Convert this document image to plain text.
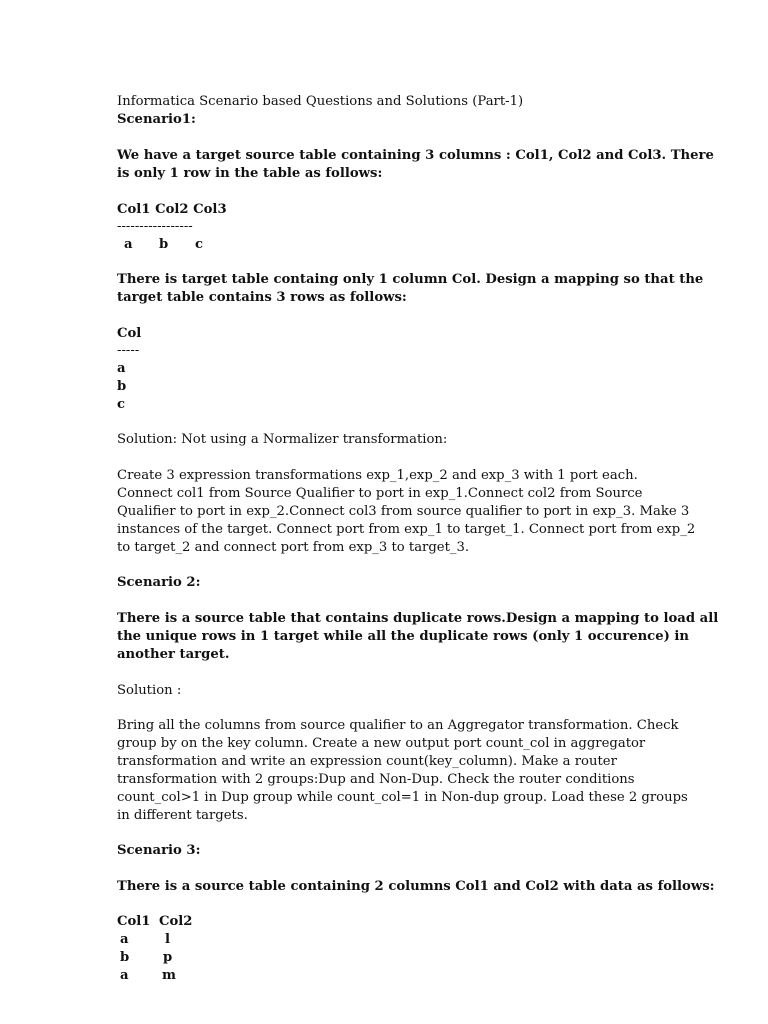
Informatica Scenario based Questions and Solutions (Part-1)
Scenario1:
We have a target source table containing 3 columns : Col1, Col2 and Col3. There
is only 1 row in the table as follows:
Col1 Col2 Col3
-----------------
a b c
There is target table containg only 1 column Col. Design a mapping so that the
target table contains 3 rows as follows:
Col
-----
a
b
c
Solution: Not using a Normalizer transformation:
Create 3 expression transformations exp_1,exp_2 and exp_3 with 1 port each.
Connect col1 from Source Qualifier to port in exp_1.Connect col2 from Source
Qualifier to port in exp_2.Connect col3 from source qualifier to port in exp_3. Make 3
instances of the target. Connect port from exp_1 to target_1. Connect port from exp_2
to target_2 and connect port from exp_3 to target_3.
Scenario 2:
There is a source table that contains duplicate rows.Design a mapping to load all
the unique rows in 1 target while all the duplicate rows (only 1 occurence) in
another target.
Solution :
Bring all the columns from source qualifier to an Aggregator transformation. Check
group by on the key column. Create a new output port count_col in aggregator
transformation and write an expression count(key_column). Make a router
transformation with 2 groups:Dup and Non-Dup. Check the router conditions
count_col>1 in Dup group while count_col=1 in Non-dup group. Load these 2 groups
in different targets.
Scenario 3:
There is a source table containing 2 columns Col1 and Col2 with data as follows:
Col1 Col2
a	l
b	p
a	m
